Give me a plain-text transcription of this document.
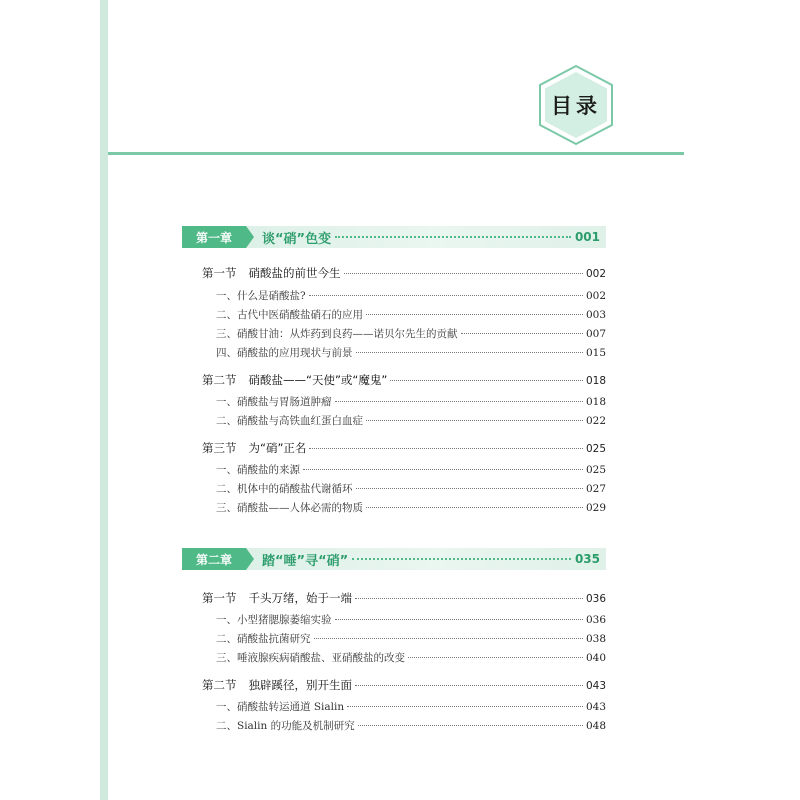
目录
第一章	谈“硝”色变	001
第一节 硝酸盐的前世今生	002
一、什么是硝酸盐?	002
二、古代中医硝酸盐硝石的应用	003
三、硝酸甘油：从炸药到良药——诺贝尔先生的贡献	007
四、硝酸盐的应用现状与前景	015
第二节 硝酸盐——“天使”或“魔鬼”	018
一、硝酸盐与胃肠道肿瘤	018
二、硝酸盐与高铁血红蛋白血症	022
第三节 为“硝”正名	025
一、硝酸盐的来源	025
二、机体中的硝酸盐代谢循环	027
三、硝酸盐——人体必需的物质	029
第二章	踏“唾”寻“硝”	035
第一节 千头万绪，始于一端	036
一、小型猪腮腺萎缩实验	036
二、硝酸盐抗菌研究	038
三、唾液腺疾病硝酸盐、亚硝酸盐的改变	040
第二节 独辟蹊径，别开生面	043
一、硝酸盐转运通道 Sialin	043
二、Sialin 的功能及机制研究	048
